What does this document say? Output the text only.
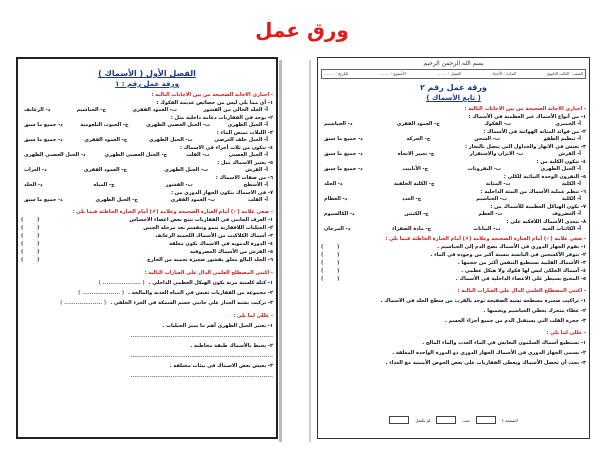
ورق عمل
الفصل الأول ( الأسماك )
ورقة عمل رقم : ١
- اختاري الاجابة الصحيحة من بين الاجابات التالية :
١- أي مما يلي ليس من خصائص عديمة الفكوك :
أ- الجلد الخالي من القشور
ب- العمود الفقري
ج- الخياشيم
د- الزعانف
٢- يوجد في الفقاريات دعامة داخلية مثل :
أ- الحبل الظهري
ب- الحبل العصبي الظهري
ج- الجيوب البلعومية
د- جميع ما سبق
٣- اللبلاب تمتص الماء :
أ- الحبل خلف الغرضي
ب- الحبل الظهري
ج- العمود الفقري
د- جميع ما سبق
٤- تتكون من ثلاث أجزاء في الاسماك :
أ- الحيل العصبي
ب- القلب
ج- الحبل العصبي الظهري
د- الحبل العصبي الظهري
٥- يعتبر الاسماك مثل :
أ- القرش
ب- الحبل الظهري
ج- العمود الفقري
د- الغراب
٦- من صفات الاسماك :
أ- الأسطح
ب- القشور
ج- المياه
د- الجلد
٧- في الاسماك يتكون الجهاز الدوري من :
أ- القلب
ب- العمود الفقري
ج- الحبل الظهري
د- جميع ما سبق
- ضعي علامة (✓) أمام العبارة الصحيحة وعلامة (✗) أمام العبارة الخاطئة فيما يلي :
١- العرف الجانبي في الفقاريات تنتج بعض اعضاء الاحساس
( )
٢- الحبليات اللافقارية تنمو وتنقسم بعد مرحلة الجنين
( )
٣- أسماك الكلاكنث من الأسماك اللحمية الزعانف
( )
٤- الدورة الدموية في الاسماك تكون مغلقة
( )
٥- القرش من الأسماك الغضروفية
( )
٦- الجلد البالغ مغلق بقشور صغيرة تحميه من الخارج
( )
- اكتبي المصطلح العلمي الدال على العبارات التالية :
١- كتلة كلسية مرنة تكون الهيكل العظمي الداخلي .( .................... )
٢- مجموعة من الفقاريات تعيش في المياه العذبة والمالحة .( .................... )
٣- تركيب يشبه الجدار على جانبي جسم السمكة في الجزء الخلفي .( .................... )
- عللي لما يلي :
١- يعتبر الحبل الظهري أهم ما يميز الحبليات .
...........................................................................
٢- يحيط بالأسماك طبقة مخاطية .
...........................................................................
٣- يعيش بعض الاسماك في بيئات مختلفة .
...........................................................................
بسم الله الرحمن الرحيم
الصف : الثالث الثانوي
المادة : الأحياء
الفصل : ........
الأسبوع : ........
التاريخ : ........
ورقة عمل رقم ٢
( تابع الأسماك )
- اختاري الاجابة الصحيحة من بين الاجابات التالية :
١- من أنواع الأسماك غير العظمية في الأسماك :
أ- الجمبري
ب- الفكوك
ج- العمود الفقري
د- الخياشيم
٢- من فوائد المثانة الهوائية في الأسماك :
أ- تنظيم الطفو
ب- الشحن
ج- الحركة
د- جميع ما سبق
٣- تعيش في الانهار والجداول التي تتصل بالبحار :
أ- القرش
ب- الاتزان والاستقرار
ج- تغيير الاتجاه
د- جميع ما سبق
٤- تتكون الكلية من :
أ- الحبل الظهري
ب- النفرونات
ج- الأنابيب
د- جميع ما سبق
٥- النفرون الوحدة البنائية للكلى :
أ- الكلية
ب- المثانة
ج- الكلية الخلفية
د- الجلد
٦- تنظم عملية الأسماك من البيئة الداخلية :
أ- الكلية
ب- الخياشيم
ج- الغدد
د- العظام
٧- تكون الهياكل العظمية للأسماك من :
أ- الغضروف
ب- العظم
ج- الكيتين
د- الكالسيوم
٨- تتغذى الأسماك اللافكية على :
أ- الكائنات الحية
ب- النباتات
ج- مادة الصفراء
د- المرجان
- ضعي علامة (✓) أمام العبارة الصحيحة وعلامة (✗) أمام العبارة الخاطئة فيما يلي :
١- يقوم الجهاز الدوري في الأسماك بضخ الدم إلى الخياشيم .
( )
٢- يتوفر الأكسجين في اليابسة بنسبة أكبر من وجوده في الماء .
( )
٣- الأسماك القلبية تستطيع التنفس أكثر من حجمها .
( )
٤- أسماك الجلكى ليس لها فكوك ولا هيكل عظمي .
( )
٥- المخيخ يسيطر على الاعضاء الداخلية في الأسماك .
( )
- اكتبي المصطلح العلمي الدال على العبارات التالية :
١- تراكيب صغيرة مسطحة تشبه الصفيحة توجد بالقرب من سطح الجلد في الاسماك .
٢- غطاء متحرك يغطي الخياشيم ويحميها .
٣- حجرة القلب التي يستقبل الدم من جميع أجزاء الجسم .
- عللي لما يلي :
١- تستطيع أسماك السلمون التعايش في الماء العذب والماء المالح .
٢- يسمى الجهاز الدوري في الأسماك الجهاز الدوري ذو الدورة الواحدة المغلقة .
٣- يجب أن تحصل الأسماك ويعطى الفقاريات على بعض الحوض الأمينية مع الغذاء .
الصفحة ٢
تمت
لم تكتمل
